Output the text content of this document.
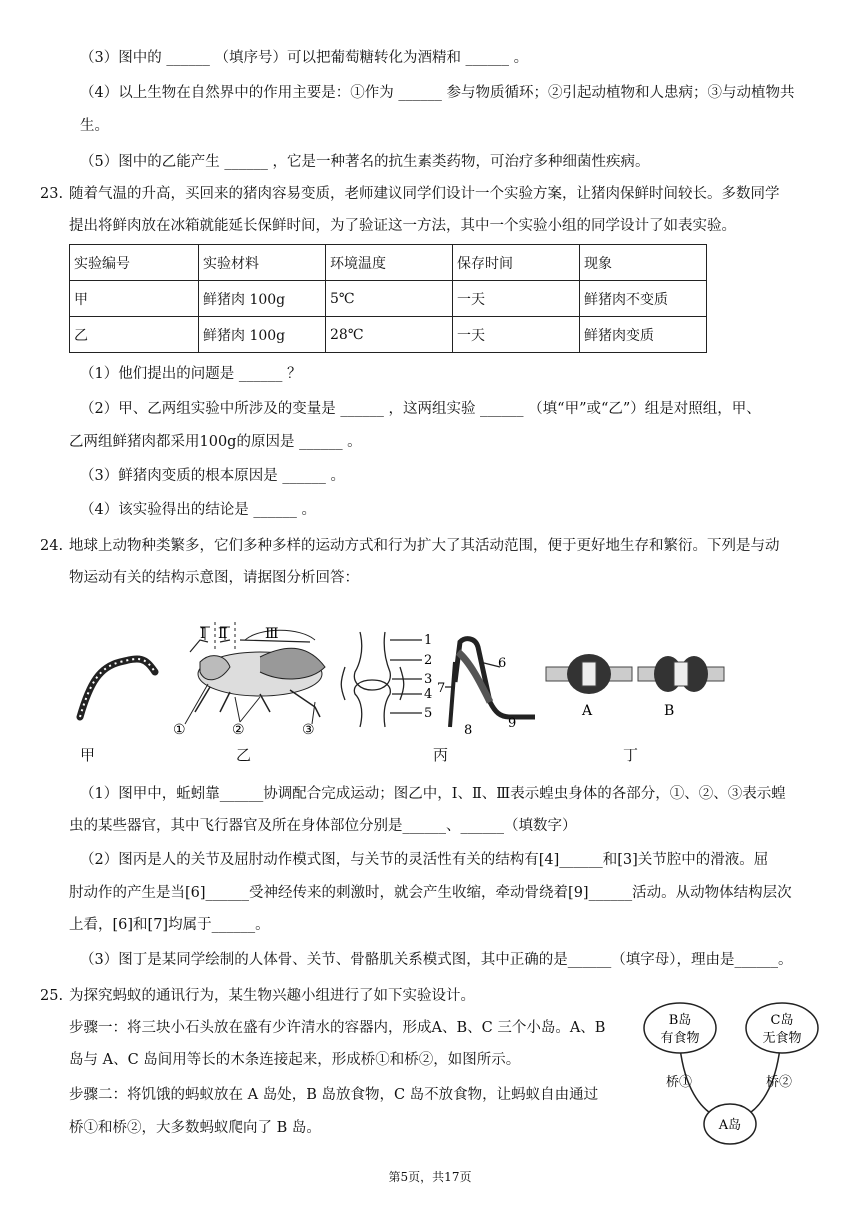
（3）图中的 ______ （填序号）可以把葡萄糖转化为酒精和 ______ 。
（4）以上生物在自然界中的作用主要是：①作为 ______ 参与物质循环；②引起动植物和人患病；③与动植物共
生。
（5）图中的乙能产生 ______ ，它是一种著名的抗生素类药物，可治疗多种细菌性疾病。
23. 随着气温的升高，买回来的猪肉容易变质，老师建议同学们设计一个实验方案，让猪肉保鲜时间较长。多数同学
提出将鲜肉放在冰箱就能延长保鲜时间，为了验证这一方法，其中一个实验小组的同学设计了如表实验。
实验编号	实验材料	环境温度	保存时间	现象
甲	鲜猪肉 100g	5℃	一天	鲜猪肉不变质
乙	鲜猪肉 100g	28℃	一天	鲜猪肉变质
（1）他们提出的问题是 ______ ？
（2）甲、乙两组实验中所涉及的变量是 ______ ，这两组实验 ______ （填“甲”或“乙”）组是对照组，甲、
乙两组鲜猪肉都采用100g的原因是 ______ 。
（3）鲜猪肉变质的根本原因是 ______ 。
（4）该实验得出的结论是 ______ 。
24. 地球上动物种类繁多，它们多种多样的运动方式和行为扩大了其活动范围，便于更好地生存和繁衍。下列是与动
物运动有关的结构示意图，请据图分析回答：
Ⅰ Ⅱ	Ⅲ
①	②	③
1
2
3
4
5
6
7
8	9
A	B
甲	乙	丙	丁
（1）图甲中，蚯蚓靠______协调配合完成运动；图乙中，Ⅰ、Ⅱ、Ⅲ表示蝗虫身体的各部分，①、②、③表示蝗
虫的某些器官，其中飞行器官及所在身体部位分别是______、______（填数字）
（2）图丙是人的关节及屈肘动作模式图，与关节的灵活性有关的结构有[4]______和[3]关节腔中的滑液。屈
肘动作的产生是当[6]______受神经传来的刺激时，就会产生收缩，牵动骨绕着[9]______活动。从动物体结构层次
上看，[6]和[7]均属于______。
（3）图丁是某同学绘制的人体骨、关节、骨骼肌关系模式图，其中正确的是______（填字母），理由是______。
25. 为探究蚂蚁的通讯行为，某生物兴趣小组进行了如下实验设计。
步骤一：将三块小石头放在盛有少许清水的容器内，形成A、B、C 三个小岛。A、B
岛与 A、C 岛间用等长的木条连接起来，形成桥①和桥②，如图所示。
步骤二：将饥饿的蚂蚁放在 A 岛处，B 岛放食物，C 岛不放食物，让蚂蚁自由通过
桥①和桥②，大多数蚂蚁爬向了 B 岛。
B岛
有食物
C岛
无食物
A岛
桥①	桥②
第5页，共17页
